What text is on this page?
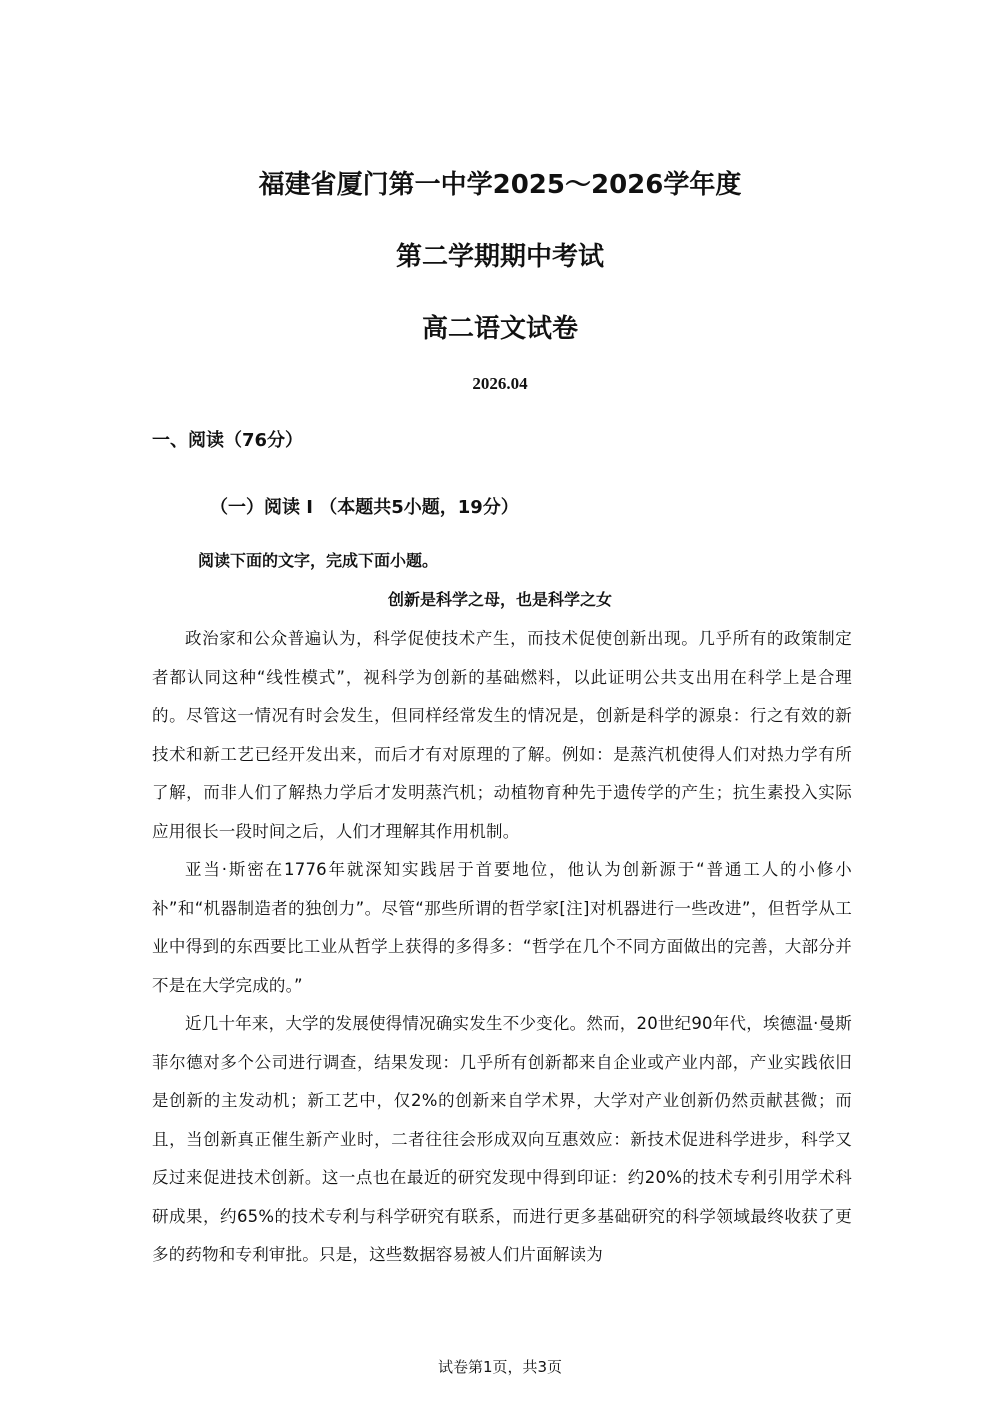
福建省厦门第一中学2025～2026学年度
第二学期期中考试
高二语文试卷
2026.04
一、阅读（76分）
（一）阅读 I （本题共5小题，19分）
阅读下面的文字，完成下面小题。
创新是科学之母，也是科学之女

政治家和公众普遍认为，科学促使技术产生，而技术促使创新出现。几乎所有的政策制定者都认同这种“线性模式”，视科学为创新的基础燃料，以此证明公共支出用在科学上是合理的。尽管这一情况有时会发生，但同样经常发生的情况是，创新是科学的源泉：行之有效的新技术和新工艺已经开发出来，而后才有对原理的了解。例如：是蒸汽机使得人们对热力学有所了解，而非人们了解热力学后才发明蒸汽机；动植物育种先于遗传学的产生；抗生素投入实际应用很长一段时间之后，人们才理解其作用机制。

亚当·斯密在1776年就深知实践居于首要地位，他认为创新源于“普通工人的小修小补”和“机器制造者的独创力”。尽管“那些所谓的哲学家[注]对机器进行一些改进”，但哲学从工业中得到的东西要比工业从哲学上获得的多得多：“哲学在几个不同方面做出的完善，大部分并不是在大学完成的。”

近几十年来，大学的发展使得情况确实发生不少变化。然而，20世纪90年代，埃德温·曼斯菲尔德对多个公司进行调查，结果发现：几乎所有创新都来自企业或产业内部，产业实践依旧是创新的主发动机；新工艺中，仅2%的创新来自学术界，大学对产业创新仍然贡献甚微；而且，当创新真正催生新产业时，二者往往会形成双向互惠效应：新技术促进科学进步，科学又反过来促进技术创新。这一点也在最近的研究发现中得到印证：约20%的技术专利引用学术科研成果，约65%的技术专利与科学研究有联系，而进行更多基础研究的科学领域最终收获了更多的药物和专利审批。只是，这些数据容易被人们片面解读为

试卷第1页，共3页
